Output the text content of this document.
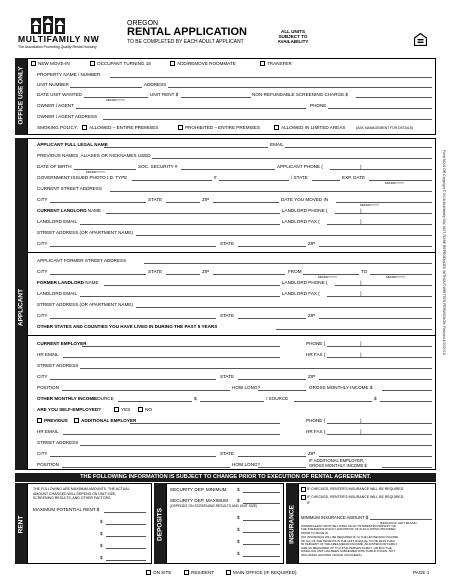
MULTIFAMILY NW
The Association Promoting Quality Rental Housing
OREGON
RENTAL APPLICATION
TO BE COMPLETED BY EACH ADULT APPLICANT
ALL UNITS
SUBJECT TO
AVAILABILITY
OFFICE USE ONLY
NEW MOVE-IN	OCCUPANT TURNING 18	ADD/REMOVE ROOMMATE	TRANSFER
PROPERTY NAME / NUMBER
UNIT NUMBER	ADDRESS
DATE UNIT WANTED
MM/DD/YYYY
UNIT RENT $	NON-REFUNDABLE SCREENING CHARGE $
OWNER / AGENT	PHONE
OWNER / AGENT ADDRESS
SMOKING POLICY: ALLOWED – ENTIRE PREMISES	PROHIBITED – ENTIRE PREMISES	ALLOWED IN LIMITED AREAS	(ASK MANAGEMENT FOR DETAILS)
APPLICANT
APPLICANT FULL LEGAL NAME	EMAIL
PREVIOUS NAMES, ALIASES OR NICKNAMES USED
DATE OF BIRTH
MM/DD/YYYY
SOC. SECURITY #	APPLICANT PHONE (	)
GOVERNMENT ISSUED PHOTO I.D. TYPE	#	/ STATE	EXP. DATE
MM/DD/YYYY
CURRENT STREET ADDRESS
CITY	STATE	ZIP	DATE YOU MOVED IN
MM/DD/YYYY
CURRENT LANDLORD NAME	LANDLORD PHONE (	)
LANDLORD EMAIL	LANDLORD FAX (	)
STREET ADDRESS (OR APARTMENT NAME)
CITY	STATE	ZIP
APPLICANT FORMER STREET ADDRESS
CITY	STATE	ZIP	FROM
MM/DD/YYYY
TO
MM/DD/YYYY
FORMER LANDLORD NAME	LANDLORD PHONE (	)
LANDLORD EMAIL	LANDLORD FAX (	)
STREET ADDRESS (OR APARTMENT NAME)
CITY	STATE	ZIP
OTHER STATES AND COUNTIES YOU HAVE LIVED IN DURING THE PAST 5 YEARS
CURRENT EMPLOYER	PHONE (	)
HR EMAIL	HR FAX (	)
STREET ADDRESS
CITY	STATE	ZIP
POSITION	HOW LONG?	GROSS MONTHLY INCOME $
OTHER MONTHLY INCOME:
SOURCE	$	/ SOURCE	$
ARE YOU SELF-EMPLOYED?	YES	NO
PREVIOUS	ADDITIONAL EMPLOYER	PHONE (	)
HR EMAIL	HR FAX (	)
STREET ADDRESS
CITY	STATE	ZIP
POSITION	HOW LONG?
IF ADDITIONAL EMPLOYER,
GROSS MONTHLY INCOME $
THE FOLLOWING INFORMATION IS SUBJECT TO CHANGE PRIOR TO EXECUTION OF RENTAL AGREEMENT.
RENT
THE FOLLOWING ARE MAXIMUM AMOUNTS. THE ACTUAL
AMOUNT CHARGED WILL DEPEND ON UNIT SIZE,
SCREENING RESULTS, AND OTHER FACTORS.
MAXIMUM POTENTIAL RENT $
$
$
$
$
DEPOSITS
SECURITY DEP. MINIMUM $
SECURITY DEP. MAXIMUM $
(DEPENDS ON SCREENING RESULTS AND UNIT SIZE)
$
$
$
$
INSURANCE
IF CHECKED, RENTER'S INSURANCE WILL BE REQUIRED.
IF CHECKED, RENTER'S INSURANCE WILL BE REQUIRED.
IF
MINIMUM INSURANCE AMOUNT $
($100,000 IF LEFT BLANK)
OWNER/AGENT MUST BE LISTED AS AN "INTERESTED PERSON" ON
THE INSURANCE POLICY AND PROOF OF SUCH LISTING PROVIDED
PRIOR TO MOVE IN.
(NO INSURANCE WILL BE REQUIRED IF: A) THE HOUSEHOLD INCOME
OF ALL OF THE TENANTS IN THE UNIT IS EQUAL TO OR LESS THAN
50 PERCENT OF THE AREA MEDIAN INCOME, ADJUSTED FOR FAMILY
SIZE AS MEASURED UP TO A FIVE-PERSON FAMILY; OR B) IF THE
DWELLING UNIT HAS BEEN SUBSIDIZED WITH PUBLIC FUNDS, NOT
INCLUDING HOUSING CHOICE VOUCHERS.)
ON SITE	RESIDENT	MAIN OFFICE (IF REQUIRED)	PAGE 1
Form M002 OR Copyright © 2018 Multifamily NW. NOT TO BE REPRODUCED WITHOUT WRITTEN PERMISSION. Revised 4/10/2018
